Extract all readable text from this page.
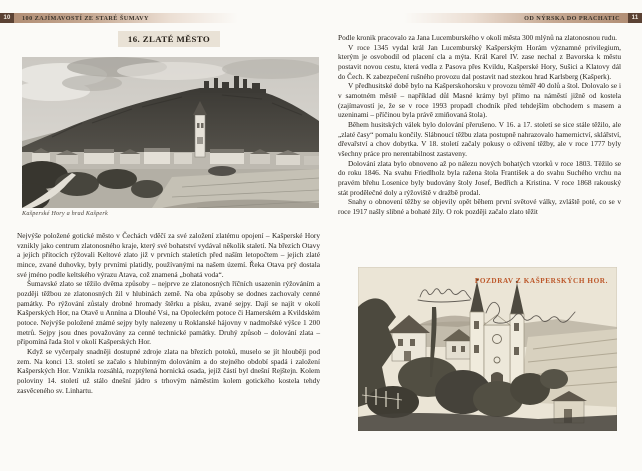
10	100 ZAJÍMAVOSTÍ ZE STARÉ ŠUMAVY
16. ZLATÉ MĚSTO
Kašperské Hory a hrad Kašperk

Nejvýše položené gotické město v Čechách vděčí za své založení zlatému opojení – Kašperské Hory vznikly jako centrum zlatonosného kraje, který své bohatství vydával několik staletí. Na březích Otavy a jejích přítocích rýžovali Keltové zlato již v prvních staletích před naším letopočtem – jejich zlaté mince, zvané duhovky, byly prvními platidly, používanými na našem území. Řeka Otava prý dostala své jméno podle keltského výrazu Atava, což znamená „bohatá voda“.

Šumavské zlato se těžilo dvěma způsoby – nejprve ze zlatonosných říčních usazenin rýžováním a později těžbou ze zlatonosných žil v hlubinách země. Na oba způsoby se dodnes zachovaly cenné památky. Po rýžování zůstaly drobné hromady štěrku a písku, zvané sejpy. Dají se najít v okolí Kašperských Hor, na Otavě u Annína a Dlouhé Vsi, na Opoleckém potoce či Hamerském a Kvildském potoce. Nejvýše položené známé sejpy byly nalezeny u Roklanské hájovny v nadmořské výšce 1 200 metrů. Sejpy jsou dnes považovány za cenné technické památky. Druhý způsob – dolování zlata – připomíná řada štol v okolí Kašperských Hor.

Když se vyčerpaly snadněji dostupné zdroje zlata na březích potoků, muselo se jít hlouběji pod zem. Na konci 13. století se začalo s hlubinným dolováním a do stejného období spadá i založení Kašperských Hor. Vznikla rozsáhlá, rozptýlená hornická osada, jejíž částí byl dnešní Rejštejn. Kolem poloviny 14. století už stálo dnešní jádro s trhovým náměstím kolem gotického kostela tehdy zasvěceného sv. Linhartu.

OD NÝRSKA DO PRACHATIC	11

Podle kronik pracovalo za Jana Lucemburského v okolí města 300 mlýnů na zlatonosnou rudu.

V roce 1345 vydal král Jan Lucemburský Kašperským Horám významné privilegium, kterým je osvobodil od placení cla a mýta. Král Karel IV. zase nechal z Bavorska k městu postavit novou cestu, která vedla z Pasova přes Kvildu, Kašperské Hory, Sušici a Klatovy dál do Čech. K zabezpečení rušného provozu dal postavit nad stezkou hrad Karlsberg (Kašperk).

V předhusitské době bylo na Kašperskohorsku v provozu téměř 40 dolů a štol. Dolovalo se i v samotném městě – například důl Masné krámy byl přímo na náměstí jižně od kostela (zajímavostí je, že se v roce 1993 propadl chodník před tehdejším obchodem s masem a uzeninami – příčinou byla právě zmiňovaná štola).

Během husitských válek bylo dolování přerušeno. V 16. a 17. století se sice stále těžilo, ale „zlaté časy“ pomalu končily. Slábnoucí těžbu zlata postupně nahrazovalo hamernictví, sklářství, dřevařství a chov dobytka. V 18. století začaly pokusy o oživení těžby, ale v roce 1777 byly všechny práce pro nerentabilnost zastaveny.

Dolování zlata bylo obnoveno až po nálezu nových bohatých vzorků v roce 1803. Těžilo se do roku 1846. Na svahu Friedlholz byla ražena štola František a do svahu Suchého vrchu na pravém břehu Losenice byly budovány štoly Josef, Bedřich a Kristina. V roce 1868 rakouský stát prodělečné doly a rýžoviště v dražbě prodal.

Snahy o obnovení těžby se objevily opět během první světové války, zvláště poté, co se v roce 1917 našly slibné a bohaté žíly. O rok později začalo zlato těžit

POZDRAV Z KAŠPERSKÝCH HOR.
